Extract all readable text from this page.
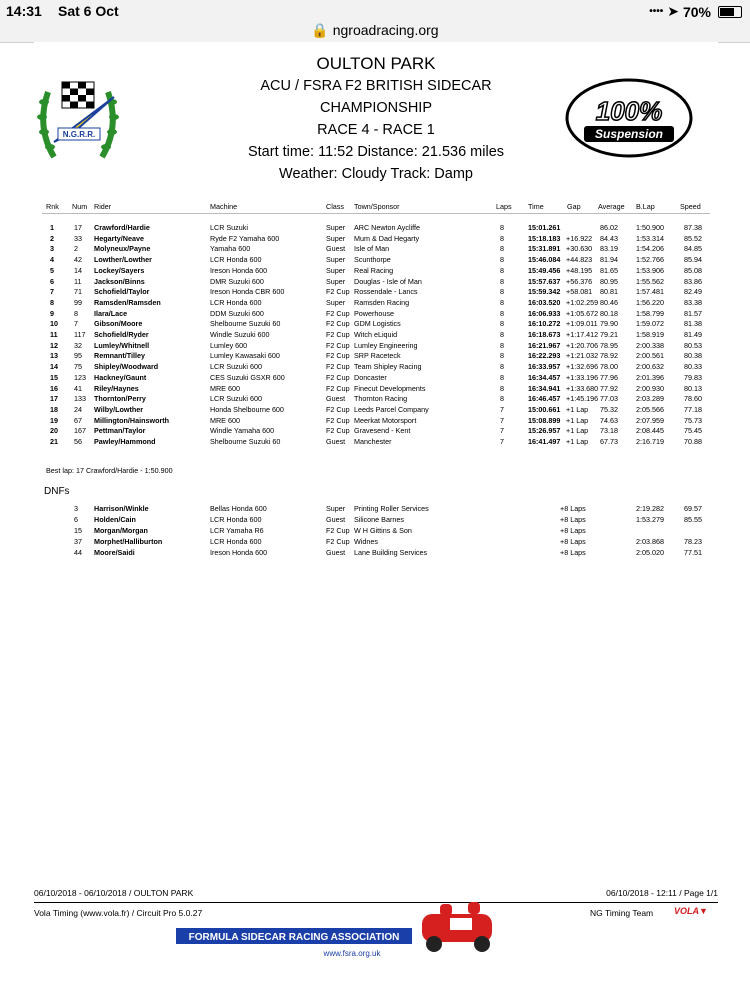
14:31 Sat 6 Oct	•••• ➤ 70%
🔒 ngroadracing.org
N.G.R.R.
100%
Suspension
OULTON PARK
ACU / FSRA F2 BRITISH SIDECAR
CHAMPIONSHIP
RACE 4 - RACE 1
Start time: 11:52 Distance: 21.536 miles
Weather: Cloudy Track: Damp
Rnk Num Rider	Machine	Class Town/Sponsor	Laps Time	Gap Average B.Lap	Speed
1	17 Crawford/Hardie	LCR Suzuki	Super ARC Newton Aycliffe	8	15:01.261	86.02	1:50.900	87.38
2	33 Hegarty/Neave	Ryde F2 Yamaha 600	Super Mum & Dad Hegarty	8	15:18.183 +16.922 84.43	1:53.314	85.52
3	2 Molyneux/Payne	Yamaha 600	Guest Isle of Man	8	15:31.891 +30.630 83.19	1:54.206	84.85
4	42 Lowther/Lowther	LCR Honda 600	Super Scunthorpe	8	15:46.084 +44.823 81.94	1:52.766	85.94
5	14 Lockey/Sayers	Ireson Honda 600	Super Real Racing	8	15:49.456 +48.195 81.65	1:53.906	85.08
6	11 Jackson/Binns	DMR Suzuki 600	Super Douglas - Isle of Man	8	15:57.637 +56.376 80.95	1:55.562	83.86
7	71 Schofield/Taylor	Ireson Honda CBR 600	F2 Cup Rossendale - Lancs	8	15:59.342 +58.081 80.81	1:57.481	82.49
8	99 Ramsden/Ramsden	LCR Honda 600	Super Ramsden Racing	8	16:03.520 +1:02.259 80.46	1:56.220	83.38
9	8 Ilara/Lace	DDM Suzuki 600	F2 Cup Powerhouse	8	16:06.933 +1:05.672 80.18	1:58.799	81.57
10 7 Gibson/Moore	Shelbourne Suzuki 60	F2 Cup GDM Logistics	8	16:10.272 +1:09.011 79.90	1:59.072	81.38
11 117 Schofield/Ryder	Windle Suzuki 600	F2 Cup Witch eLiquid	8	16:18.673 +1:17.412 79.21	1:58.919	81.49
12 32 Lumley/Whitnell	Lumley 600	F2 Cup Lumley Engineering	8	16:21.967 +1:20.706 78.95	2:00.338	80.53
13 95 Remnant/Tilley	Lumley Kawasaki 600	F2 Cup SRP Raceteck	8	16:22.293 +1:21.032 78.92	2:00.561	80.38
14 75 Shipley/Woodward	LCR Suzuki 600	F2 Cup Team Shipley Racing	8	16:33.957 +1:32.696 78.00	2:00.632	80.33
15 123 Hackney/Gaunt	CES Suzuki GSXR 600	F2 Cup Doncaster	8	16:34.457 +1:33.196 77.96	2:01.396	79.83
16 41 Riley/Haynes	MRE 600	F2 Cup Finecut Developments	8	16:34.941 +1:33.680 77.92	2:00.930	80.13
17 133 Thornton/Perry	LCR Suzuki 600	Guest Thornton Racing	8	16:46.457 +1:45.196 77.03	2:03.289	78.60
18 24 Wilby/Lowther	Honda Shelbourne 600	F2 Cup Leeds Parcel Company	7	15:00.661 +1 Lap 75.32	2:05.566	77.18
19 67 Millington/Hainsworth	MRE 600	F2 Cup Meerkat Motorsport	7	15:08.899 +1 Lap 74.63	2:07.959	75.73
20 167 Pettman/Taylor	Windle Yamaha 600	F2 Cup Gravesend - Kent	7	15:26.957 +1 Lap 73.18	2:08.445	75.45
21 56 Pawley/Hammond	Shelbourne Suzuki 60	Guest Manchester	7	16:41.497 +1 Lap 67.73	2:16.719	70.88
Best lap: 17 Crawford/Hardie - 1:50.900
DNFs
3 Harrison/Winkle	Bellas Honda 600	Super Printing Roller Services	+8 Laps	2:19.282	69.57
6 Holden/Cain	LCR Honda 600	Guest Silicone Barnes	+8 Laps	1:53.279	85.55
15 Morgan/Morgan	LCR Yamaha R6	F2 Cup W H Gittins & Son	+8 Laps
37 Morphet/Halliburton	LCR Honda 600	F2 Cup Widnes	+8 Laps	2:03.868	78.23
44 Moore/Saidi	Ireson Honda 600	Guest Lane Building Services	+8 Laps	2:05.020	77.51
06/10/2018 - 06/10/2018 / OULTON PARK	06/10/2018 - 12:11 / Page 1/1
Vola Timing (www.vola.fr) / Circuit Pro 5.0.27	NG Timing Team VOLA▼
FORMULA SIDECAR RACING ASSOCIATION
www.fsra.org.uk
